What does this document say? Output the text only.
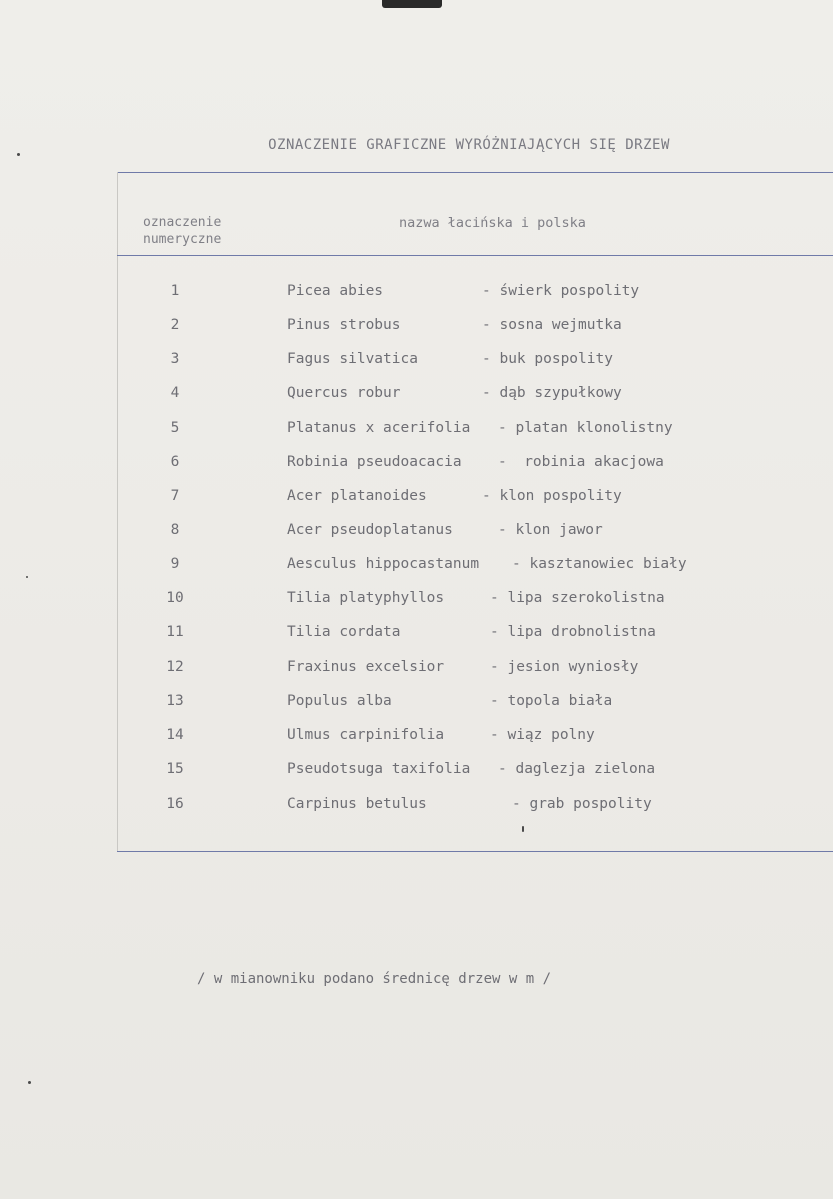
OZNACZENIE GRAFICZNE WYRÓŻNIAJĄCYCH SIĘ DRZEW
oznaczenie
numeryczne
nazwa łacińska i polska
1	Picea abies	- świerk pospolity
2	Pinus strobus	- sosna wejmutka
3	Fagus silvatica	- buk pospolity
4	Quercus robur	- dąb szypułkowy
5	Platanus x acerifolia - platan klonolistny
6	Robinia pseudoacacia	-  robinia akacjowa
7	Acer platanoides	- klon pospolity
8	Acer pseudoplatanus	- klon jawor
9	Aesculus hippocastanum - kasztanowiec biały
10	Tilia platyphyllos	- lipa szerokolistna
11	Tilia cordata	- lipa drobnolistna
12	Fraxinus excelsior	- jesion wyniosły
13	Populus alba	- topola biała
14	Ulmus carpinifolia	- wiąz polny
15	Pseudotsuga taxifolia - daglezja zielona
16	Carpinus betulus	- grab pospolity
/ w mianowniku podano średnicę drzew w m /
